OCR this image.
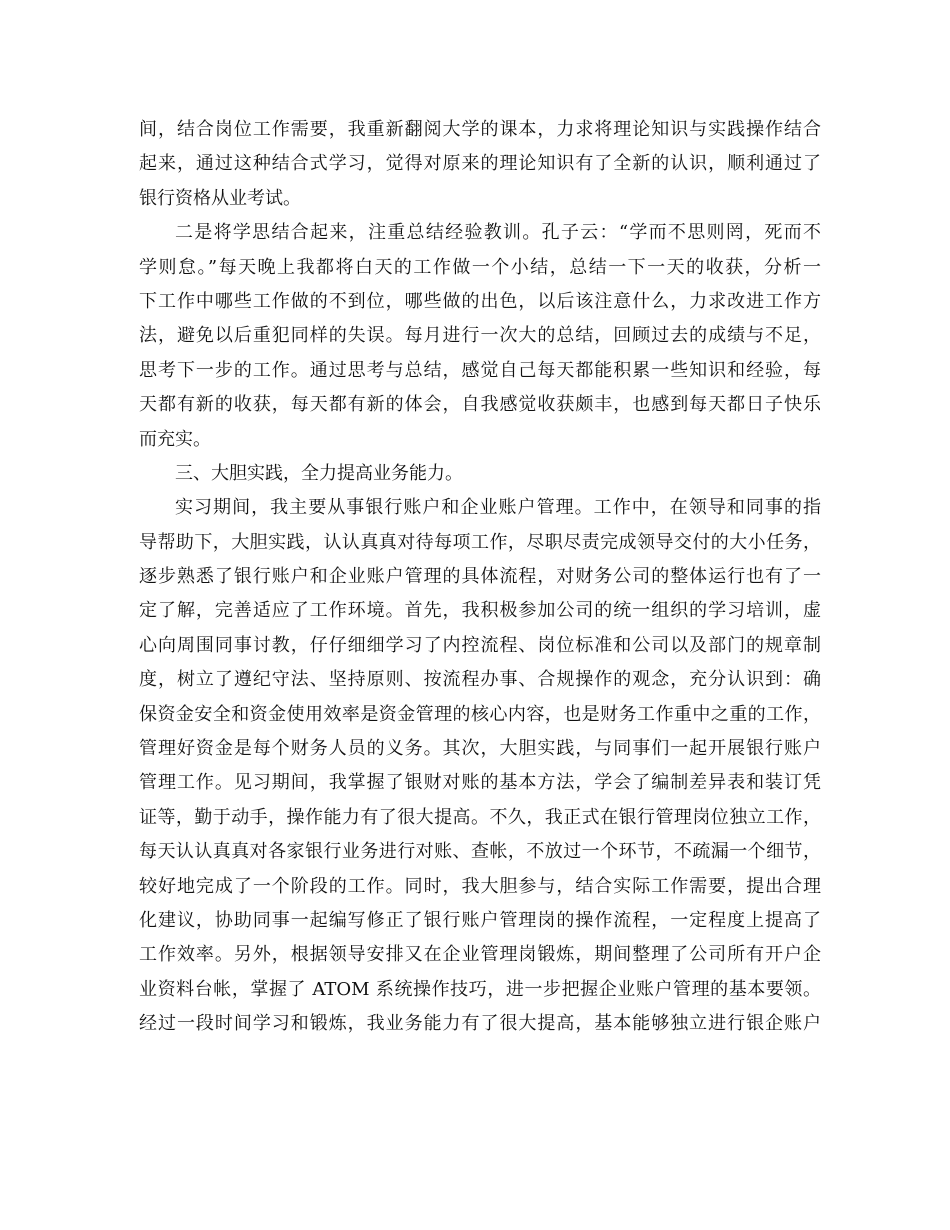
间，结合岗位工作需要，我重新翻阅大学的课本，力求将理论知识与实践操作结合
起来，通过这种结合式学习，觉得对原来的理论知识有了全新的认识，顺利通过了
银行资格从业考试。
二是将学思结合起来，注重总结经验教训。孔子云：“学而不思则罔，死而不
学则怠。”每天晚上我都将白天的工作做一个小结，总结一下一天的收获，分析一
下工作中哪些工作做的不到位，哪些做的出色，以后该注意什么，力求改进工作方
法，避免以后重犯同样的失误。每月进行一次大的总结，回顾过去的成绩与不足，
思考下一步的工作。通过思考与总结，感觉自己每天都能积累一些知识和经验，每
天都有新的收获，每天都有新的体会，自我感觉收获颇丰，也感到每天都日子快乐
而充实。
三、大胆实践，全力提高业务能力。
实习期间，我主要从事银行账户和企业账户管理。工作中，在领导和同事的指
导帮助下，大胆实践，认认真真对待每项工作，尽职尽责完成领导交付的大小任务，
逐步熟悉了银行账户和企业账户管理的具体流程，对财务公司的整体运行也有了一
定了解，完善适应了工作环境。首先，我积极参加公司的统一组织的学习培训，虚
心向周围同事讨教，仔仔细细学习了内控流程、岗位标准和公司以及部门的规章制
度，树立了遵纪守法、坚持原则、按流程办事、合规操作的观念，充分认识到：确
保资金安全和资金使用效率是资金管理的核心内容，也是财务工作重中之重的工作，
管理好资金是每个财务人员的义务。其次，大胆实践，与同事们一起开展银行账户
管理工作。见习期间，我掌握了银财对账的基本方法，学会了编制差异表和装订凭
证等，勤于动手，操作能力有了很大提高。不久，我正式在银行管理岗位独立工作，
每天认认真真对各家银行业务进行对账、查帐，不放过一个环节，不疏漏一个细节，
较好地完成了一个阶段的工作。同时，我大胆参与，结合实际工作需要，提出合理
化建议，协助同事一起编写修正了银行账户管理岗的操作流程，一定程度上提高了
工作效率。另外，根据领导安排又在企业管理岗锻炼，期间整理了公司所有开户企
业资料台帐，掌握了 ATOM 系统操作技巧，进一步把握企业账户管理的基本要领。
经过一段时间学习和锻炼，我业务能力有了很大提高，基本能够独立进行银企账户
